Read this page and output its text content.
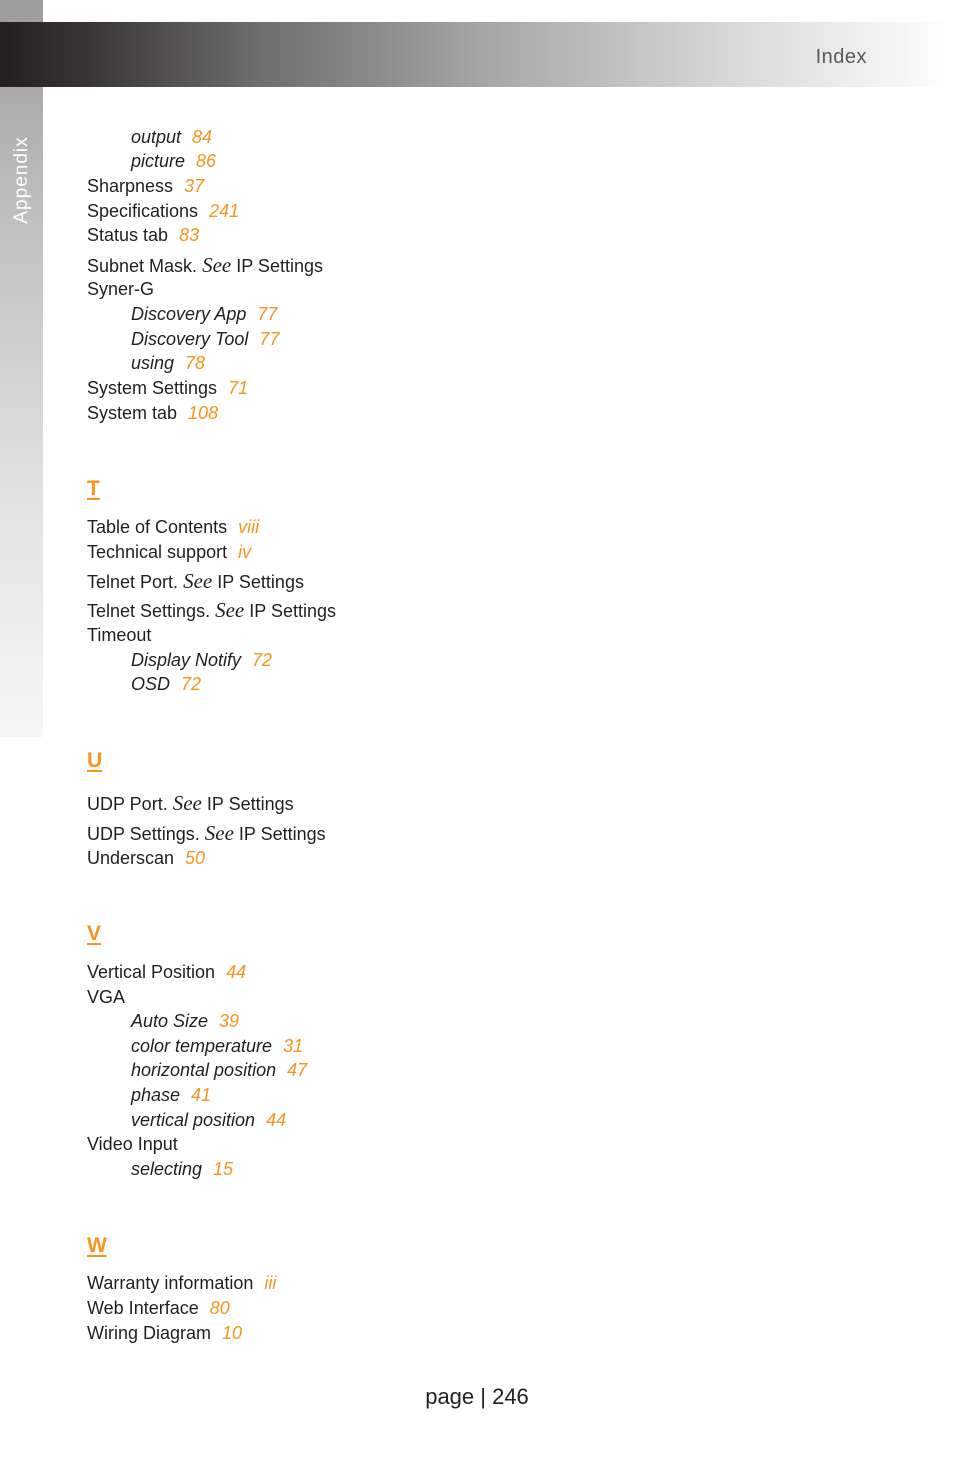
Appendix
Index
output 84
picture 86
Sharpness 37
Specifications 241
Status tab 83
Subnet Mask. See IP Settings
Syner-G
Discovery App 77
Discovery Tool 77
using 78
System Settings 71
System tab 108
T
Table of Contents viii
Technical support iv
Telnet Port. See IP Settings
Telnet Settings. See IP Settings
Timeout
Display Notify 72
OSD 72
U
UDP Port. See IP Settings
UDP Settings. See IP Settings
Underscan 50
V
Vertical Position 44
VGA
Auto Size 39
color temperature 31
horizontal position 47
phase 41
vertical position 44
Video Input
selecting 15
W
Warranty information iii
Web Interface 80
Wiring Diagram 10
page | 246
